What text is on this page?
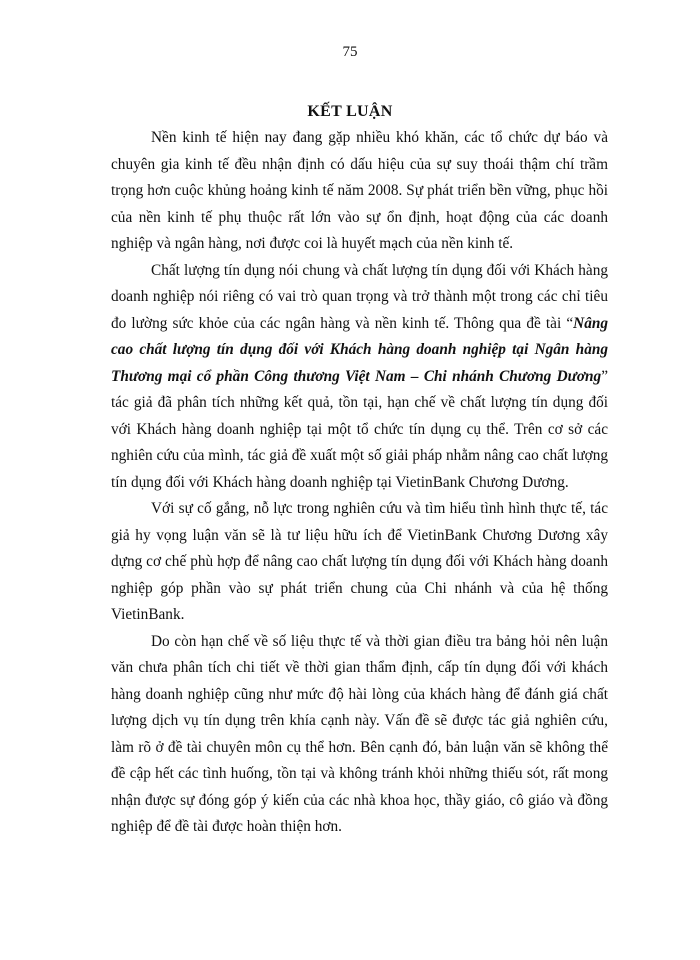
75
KẾT LUẬN

Nền kinh tế hiện nay đang gặp nhiều khó khăn, các tổ chức dự báo và chuyên gia kinh tế đều nhận định có dấu hiệu của sự suy thoái thậm chí trầm trọng hơn cuộc khủng hoảng kinh tế năm 2008. Sự phát triển bền vững, phục hồi của nền kinh tế phụ thuộc rất lớn vào sự ổn định, hoạt động của các doanh nghiệp và ngân hàng, nơi được coi là huyết mạch của nền kinh tế.

Chất lượng tín dụng nói chung và chất lượng tín dụng đối với Khách hàng doanh nghiệp nói riêng có vai trò quan trọng và trở thành một trong các chỉ tiêu đo lường sức khỏe của các ngân hàng và nền kinh tế. Thông qua đề tài “Nâng cao chất lượng tín dụng đối với Khách hàng doanh nghiệp tại Ngân hàng Thương mại cổ phần Công thương Việt Nam – Chi nhánh Chương Dương” tác giả đã phân tích những kết quả, tồn tại, hạn chế về chất lượng tín dụng đối với Khách hàng doanh nghiệp tại một tổ chức tín dụng cụ thể. Trên cơ sở các nghiên cứu của mình, tác giả đề xuất một số giải pháp nhằm nâng cao chất lượng tín dụng đối với Khách hàng doanh nghiệp tại VietinBank Chương Dương.

Với sự cố gắng, nỗ lực trong nghiên cứu và tìm hiểu tình hình thực tế, tác giả hy vọng luận văn sẽ là tư liệu hữu ích để VietinBank Chương Dương xây dựng cơ chế phù hợp để nâng cao chất lượng tín dụng đối với Khách hàng doanh nghiệp góp phần vào sự phát triển chung của Chi nhánh và của hệ thống VietinBank.

Do còn hạn chế về số liệu thực tế và thời gian điều tra bảng hỏi nên luận văn chưa phân tích chi tiết về thời gian thẩm định, cấp tín dụng đối với khách hàng doanh nghiệp cũng như mức độ hài lòng của khách hàng để đánh giá chất lượng dịch vụ tín dụng trên khía cạnh này. Vấn đề sẽ được tác giả nghiên cứu, làm rõ ở đề tài chuyên môn cụ thể hơn. Bên cạnh đó, bản luận văn sẽ không thể đề cập hết các tình huống, tồn tại và không tránh khỏi những thiếu sót, rất mong nhận được sự đóng góp ý kiến của các nhà khoa học, thầy giáo, cô giáo và đồng nghiệp để đề tài được hoàn thiện hơn.
